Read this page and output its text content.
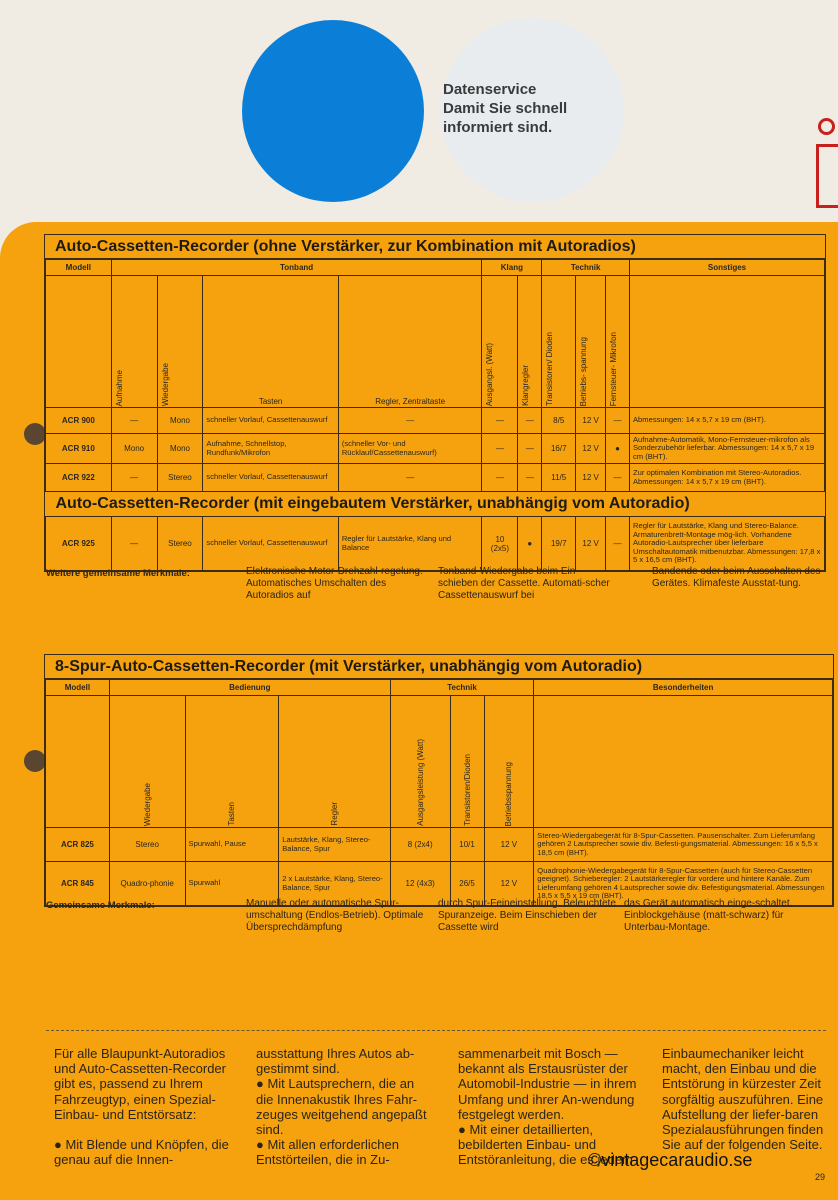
Datenservice
Damit Sie schnell
informiert sind.
Auto-Cassetten-Recorder (ohne Verstärker, zur Kombination mit Autoradios)
Modell	Tonband				Klang		Technik			Sonstiges

	Aufnahme	Wiedergabe	Tasten	Regler, Zentraltaste	Ausgangsl. (Watt)	Klangregler	Transistoren/ Dioden	Betriebs- spannung	Fernsteuer- Mikrofon	

ACR 900	—	Mono	schneller Vorlauf, Cassettenauswurf	—	—	—	8/5	12 V	—	Abmessungen: 14 x 5,7 x 19 cm (BHT).
ACR 910	Mono	Mono	Aufnahme, Schnellstop, Rundfunk/Mikrofon	(schneller Vor- und Rücklauf/Cassettenauswurf)	—	—	16/7	12 V	●	Aufnahme-Automatik, Mono-Fernsteuer-mikrofon als Sonderzubehör lieferbar. Abmessungen: 14 x 5,7 x 19 cm (BHT).
ACR 922	—	Stereo	schneller Vorlauf, Cassettenauswurf	—	—	—	11/5	12 V	—	Zur optimalen Kombination mit Stereo-Autoradios. Abmessungen: 14 x 5,7 x 19 cm (BHT).

Auto-Cassetten-Recorder (mit eingebautem Verstärker, unabhängig vom Autoradio)										

ACR 925	—	Stereo	schneller Vorlauf, Cassettenauswurf	Regler für Lautstärke, Klang und Balance	10 (2x5)	●	19/7	12 V	—	Regler für Lautstärke, Klang und Stereo-Balance. Armaturenbrett-Montage mög-lich. Vorhandene Autoradio-Lautsprecher über lieferbare Umschaltautomatik mitbenutzbar. Abmessungen: 17,8 x 5 x 16,5 cm (BHT).
Weitere gemeinsame Merkmale:	Elektronische Motor-Drehzahl-regelung. Automatisches Umschalten des Autoradios auf
Tonband-Wiedergabe beim Ein-schieben der Cassette. Automati-scher Cassettenauswurf bei
Bandende oder beim Ausschalten des Gerätes. Klimafeste Ausstat-tung.
8-Spur-Auto-Cassetten-Recorder (mit Verstärker, unabhängig vom Autoradio)
Modell	Bedienung			Technik			Besonderheiten

	Wiedergabe	Tasten	Regler	Ausgangsleistung (Watt)	Transistoren/Dioden	Betriebsspannung	

ACR 825	Stereo	Spurwahl, Pause	Lautstärke, Klang, Stereo-Balance, Spur	8 (2x4)	10/1	12 V	Stereo-Wiedergabegerät für 8-Spur-Cassetten. Pausenschalter. Zum Lieferumfang gehören 2 Lautsprecher sowie div. Befesti-gungsmaterial. Abmessungen: 16 x 5,5 x 18,5 cm (BHT).
ACR 845	Quadro-phonie	Spurwahl	2 x Lautstärke, Klang, Stereo-Balance, Spur	12 (4x3)	26/5	12 V	Quadrophonie-Wiedergabegerät für 8-Spur-Cassetten (auch für Stereo-Cassetten geeignet). Schieberegler: 2 Lautstärkeregler für vordere und hintere Kanäle. Zum Lieferumfang gehören 4 Lautsprecher sowie div. Befestigungsmaterial. Abmessungen 18,5 x 5,5 x 19 cm (BHT).
Gemeinsame Merkmale:	Manuelle oder automatische Spur-umschaltung (Endlos-Betrieb). Optimale Übersprechdämpfung
durch Spur-Feineinstellung. Beleuchtete Spuranzeige. Beim Einschieben der Cassette wird
das Gerät automatisch einge-schaltet. Einblockgehäuse (matt-schwarz) für Unterbau-Montage.
Für alle Blaupunkt-Autoradios und Auto-Cassetten-Recorder gibt es, passend zu Ihrem Fahrzeugtyp, einen Spezial-Einbau- und Entstörsatz:

● Mit Blende und Knöpfen, die genau auf die Innen-
ausstattung Ihres Autos ab-gestimmt sind.
● Mit Lautsprechern, die an die Innenakustik Ihres Fahr-zeuges weitgehend angepaßt sind.
● Mit allen erforderlichen Entstörteilen, die in Zu-
sammenarbeit mit Bosch — bekannt als Erstausrüster der Automobil-Industrie — in ihrem Umfang und ihrer An-wendung festgelegt werden.
● Mit einer detaillierten, bebilderten Einbau- und Entstöranleitung, die es jedem
Einbaumechaniker leicht macht, den Einbau und die Entstörung in kürzester Zeit sorgfältig auszuführen. Eine Aufstellung der liefer-baren Spezialausführungen finden Sie auf der folgenden Seite.
©vintagecaraudio.se
29
